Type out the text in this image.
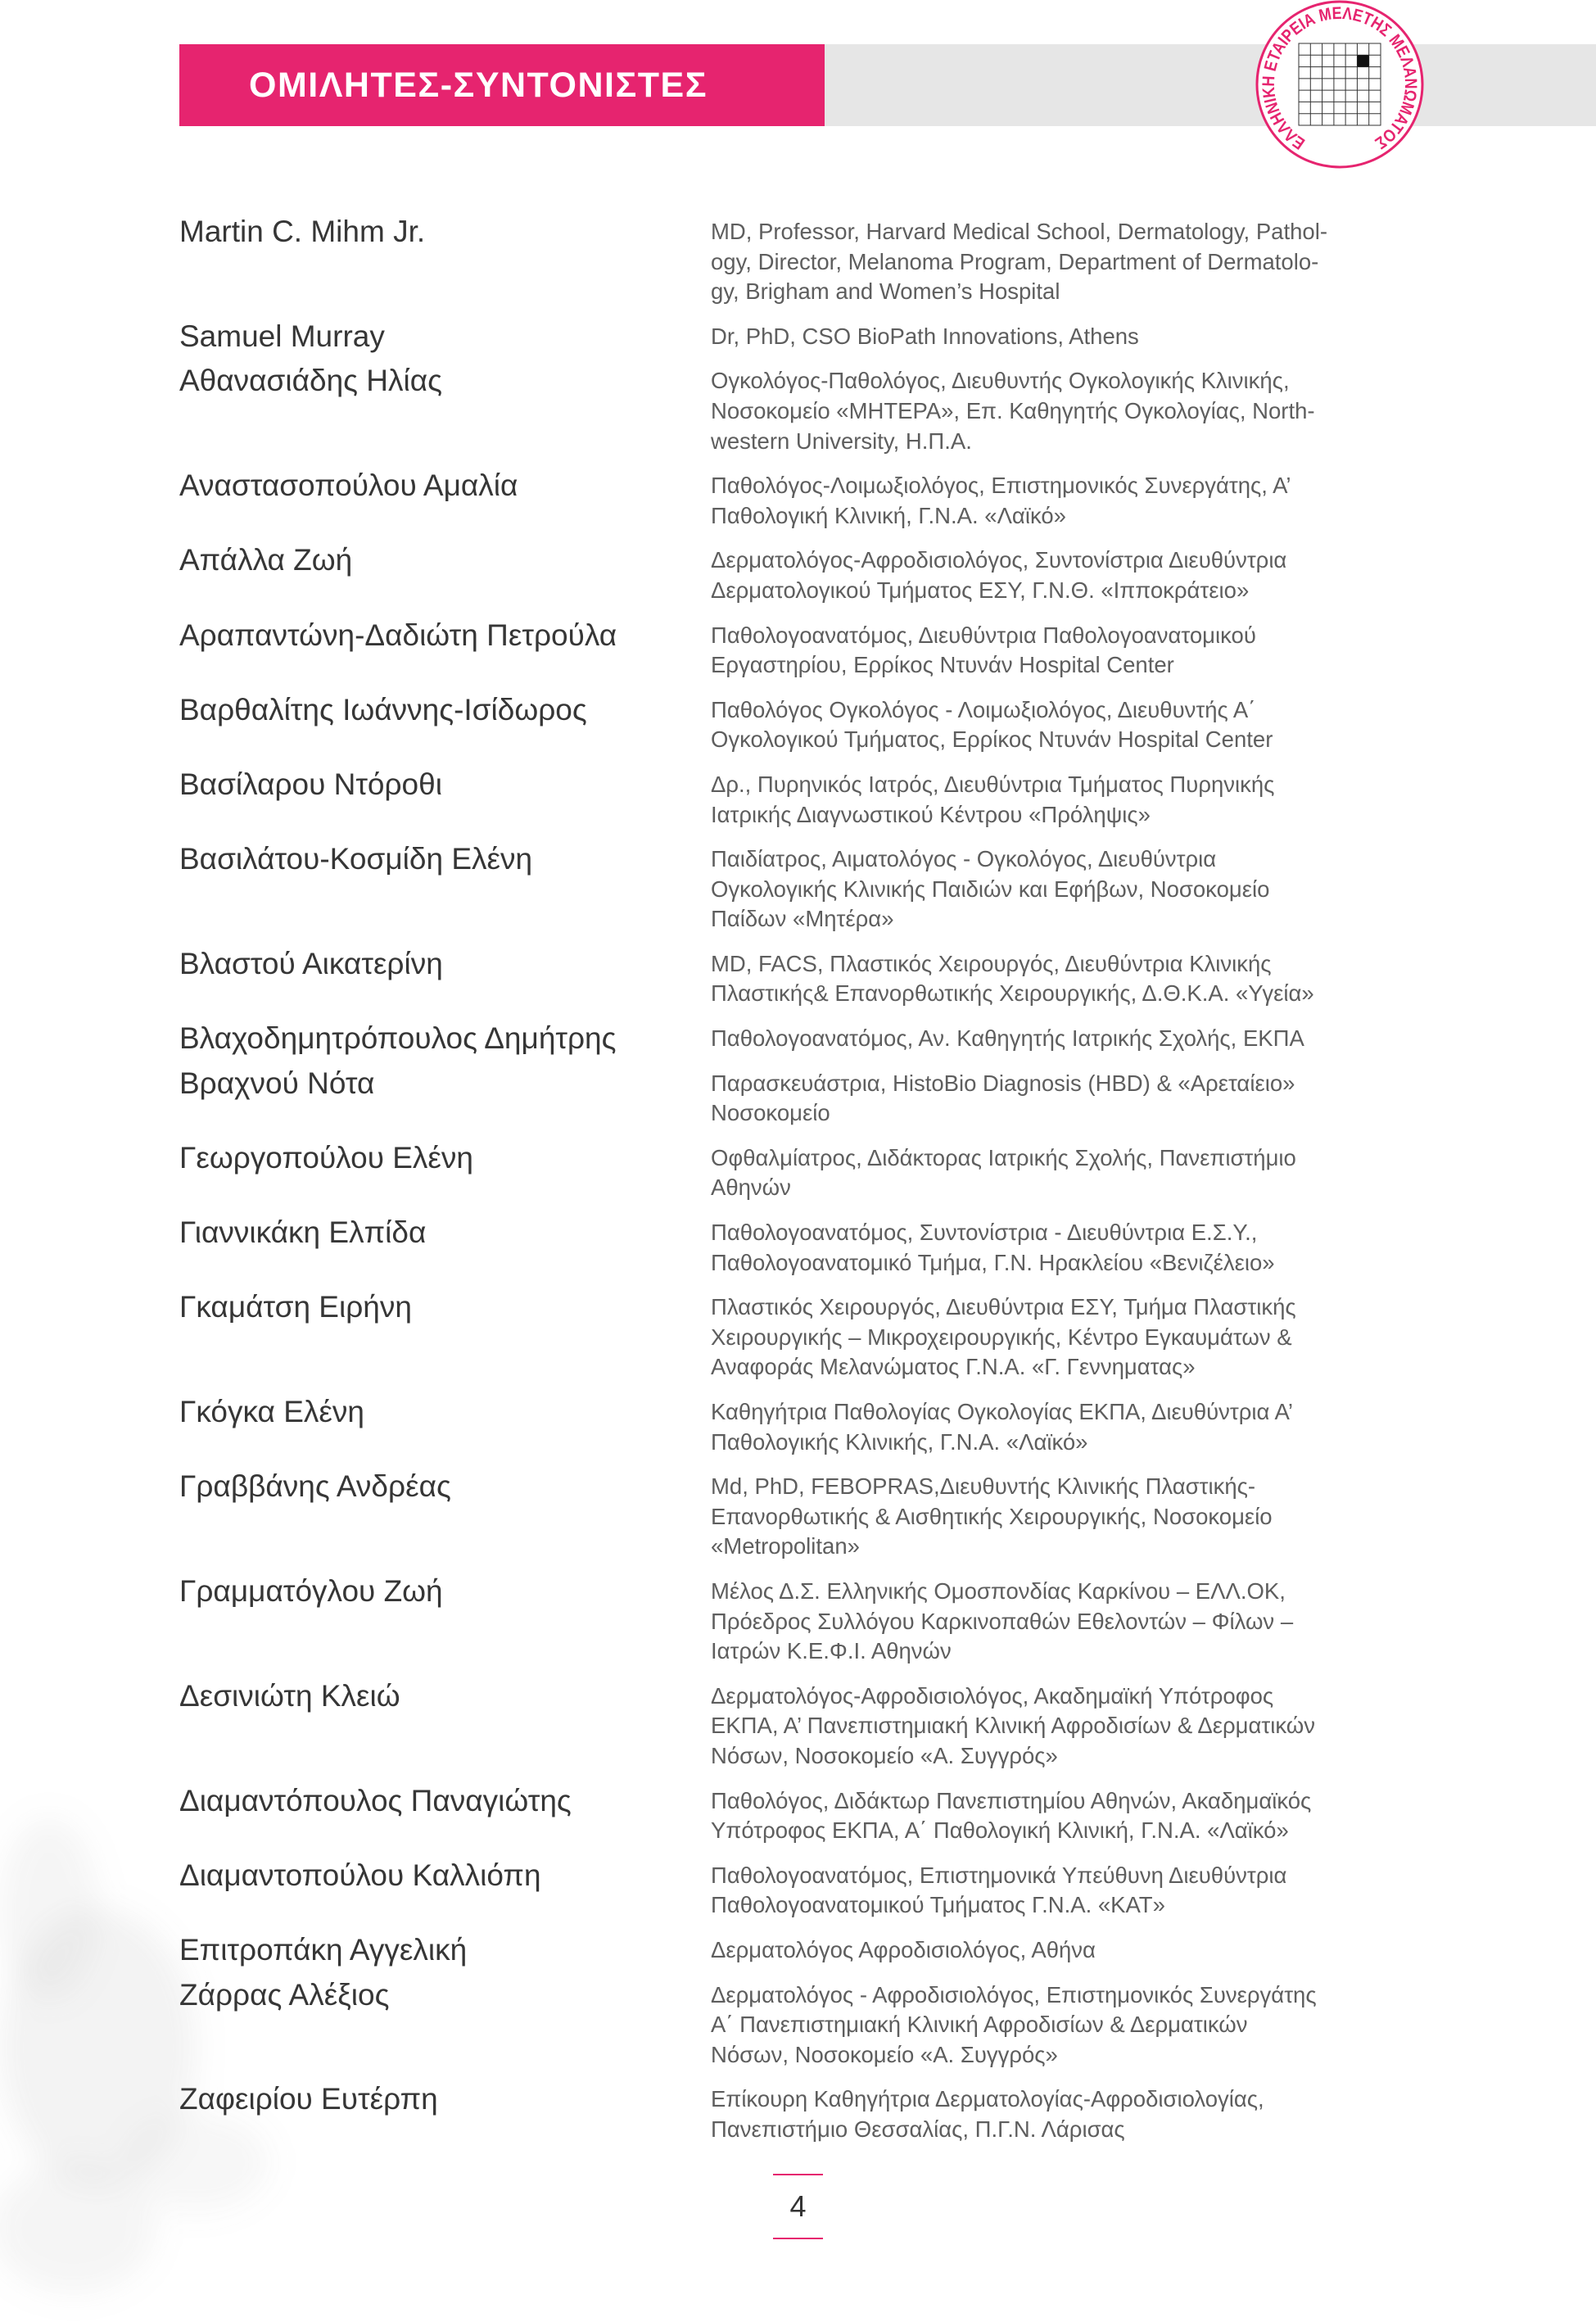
ΟΜΙΛΗΤΕΣ-ΣΥΝΤΟΝΙΣΤΕΣ
ΕΛΛΗΝΙΚΗ ΕΤΑΙΡΕΙΑ ΜΕΛΕΤΗΣ ΜΕΛΑΝΩΜΑΤΟΣ
Martin C. Mihm Jr.	MD, Professor, Harvard Medical School, Dermatology, Pathol-
ogy, Director, Melanoma Program, Department of Dermatolo-
gy, Brigham and Women’s Hospital
Samuel Murray	Dr, PhD, CSO BioPath Innovations, Athens
Αθανασιάδης Ηλίας	Ογκολόγος-Παθολόγος, Διευθυντής Ογκολογικής Κλινικής,
Νοσοκομείο «ΜΗΤΕΡΑ», Επ. Καθηγητής Ογκολογίας, North-
western University, Η.Π.Α.
Αναστασοπούλου Αμαλία	Παθολόγος-Λοιμωξιολόγος, Επιστημονικός Συνεργάτης, Α’
Παθολογική Κλινική, Γ.Ν.Α. «Λαϊκό»
Απάλλα Ζωή	Δερματολόγος-Αφροδισιολόγος, Συντονίστρια Διευθύντρια
Δερματολογικού Τμήματος ΕΣΥ, Γ.Ν.Θ. «Ιπποκράτειο»
Αραπαντώνη-Δαδιώτη Πετρούλα	Παθολογοανατόμος, Διευθύντρια Παθολογοανατομικού
Εργαστηρίου, Ερρίκος Ντυνάν Hospital Center
Βαρθαλίτης Ιωάννης-Ισίδωρος	Παθολόγος Ογκολόγος - Λοιμωξιολόγος, Διευθυντής Α΄
Ογκολογικού Τμήματος, Ερρίκος Ντυνάν Hospital Center
Βασίλαρου Ντόροθι	Δρ., Πυρηνικός Ιατρός, Διευθύντρια Τμήματος Πυρηνικής
Ιατρικής Διαγνωστικού Κέντρου «Πρόληψις»
Βασιλάτου-Κοσμίδη Ελένη	Παιδίατρος, Αιματολόγος - Ογκολόγος, Διευθύντρια
Ογκολογικής Κλινικής Παιδιών και Εφήβων, Νοσοκομείο
Παίδων «Μητέρα»
Βλαστού Αικατερίνη	MD, FACS, Πλαστικός Χειρουργός, Διευθύντρια Κλινικής
Πλαστικής& Επανορθωτικής Χειρουργικής, Δ.Θ.Κ.Α. «Υγεία»
Βλαχοδημητρόπουλος Δημήτρης	Παθολογοανατόμος, Αν. Καθηγητής Ιατρικής Σχολής, ΕΚΠΑ
Βραχνού Νότα	Παρασκευάστρια, HistoBio Diagnosis (HBD) & «Αρεταίειο»
Νοσοκομείο
Γεωργοπούλου Ελένη	Οφθαλμίατρος, Διδάκτορας Ιατρικής Σχολής, Πανεπιστήμιο
Αθηνών
Γιαννικάκη Ελπίδα	Παθολογοανατόμος, Συντονίστρια - Διευθύντρια Ε.Σ.Υ.,
Παθολογοανατομικό Τμήμα, Γ.Ν. Ηρακλείου «Βενιζέλειο»
Γκαμάτση Ειρήνη	Πλαστικός Χειρουργός, Διευθύντρια ΕΣΥ, Τμήμα Πλαστικής
Χειρουργικής – Μικροχειρουργικής, Κέντρο Εγκαυμάτων &
Αναφοράς Μελανώματος Γ.Ν.Α. «Γ. Γεννηματας»
Γκόγκα Ελένη	Καθηγήτρια Παθολογίας Ογκολογίας ΕΚΠΑ, Διευθύντρια Α’
Παθολογικής Κλινικής, Γ.Ν.Α. «Λαϊκό»
Γραββάνης Ανδρέας	Md, PhD, FEBOPRAS,Διευθυντής Κλινικής Πλαστικής-
Επανορθωτικής & Αισθητικής Χειρουργικής, Νοσοκομείο
«Metropolitan»
Γραμματόγλου Ζωή	Μέλος Δ.Σ. Ελληνικής Ομοσπονδίας Καρκίνου – ΕΛΛ.ΟΚ,
Πρόεδρος Συλλόγου Καρκινοπαθών Εθελοντών – Φίλων –
Ιατρών Κ.Ε.Φ.Ι. Αθηνών
Δεσινιώτη Κλειώ	Δερματολόγος-Αφροδισιολόγος, Ακαδημαϊκή Υπότροφος
ΕΚΠΑ, Α’ Πανεπιστημιακή Κλινική Αφροδισίων & Δερματικών
Νόσων, Νοσοκομείο «Α. Συγγρός»
Διαμαντόπουλος Παναγιώτης	Παθολόγος, Διδάκτωρ Πανεπιστημίου Αθηνών, Ακαδημαϊκός
Υπότροφος ΕΚΠΑ, Α΄ Παθολογική Κλινική, Γ.Ν.Α. «Λαϊκό»
Διαμαντοπούλου Καλλιόπη	Παθολογοανατόμος, Επιστημονικά Υπεύθυνη Διευθύντρια
Παθολογοανατομικού Τμήματος Γ.Ν.Α. «ΚΑΤ»
Επιτροπάκη Αγγελική	Δερματολόγος Αφροδισιολόγος, Αθήνα
Ζάρρας Αλέξιος	Δερματολόγος - Αφροδισιολόγος, Επιστημονικός Συνεργάτης
Α΄ Πανεπιστημιακή Κλινική Αφροδισίων & Δερματικών
Νόσων, Νοσοκομείο «Α. Συγγρός»
Ζαφειρίου Ευτέρπη	Επίκουρη Καθηγήτρια Δερματολογίας-Αφροδισιολογίας,
Πανεπιστήμιο Θεσσαλίας, Π.Γ.Ν. Λάρισας
4
